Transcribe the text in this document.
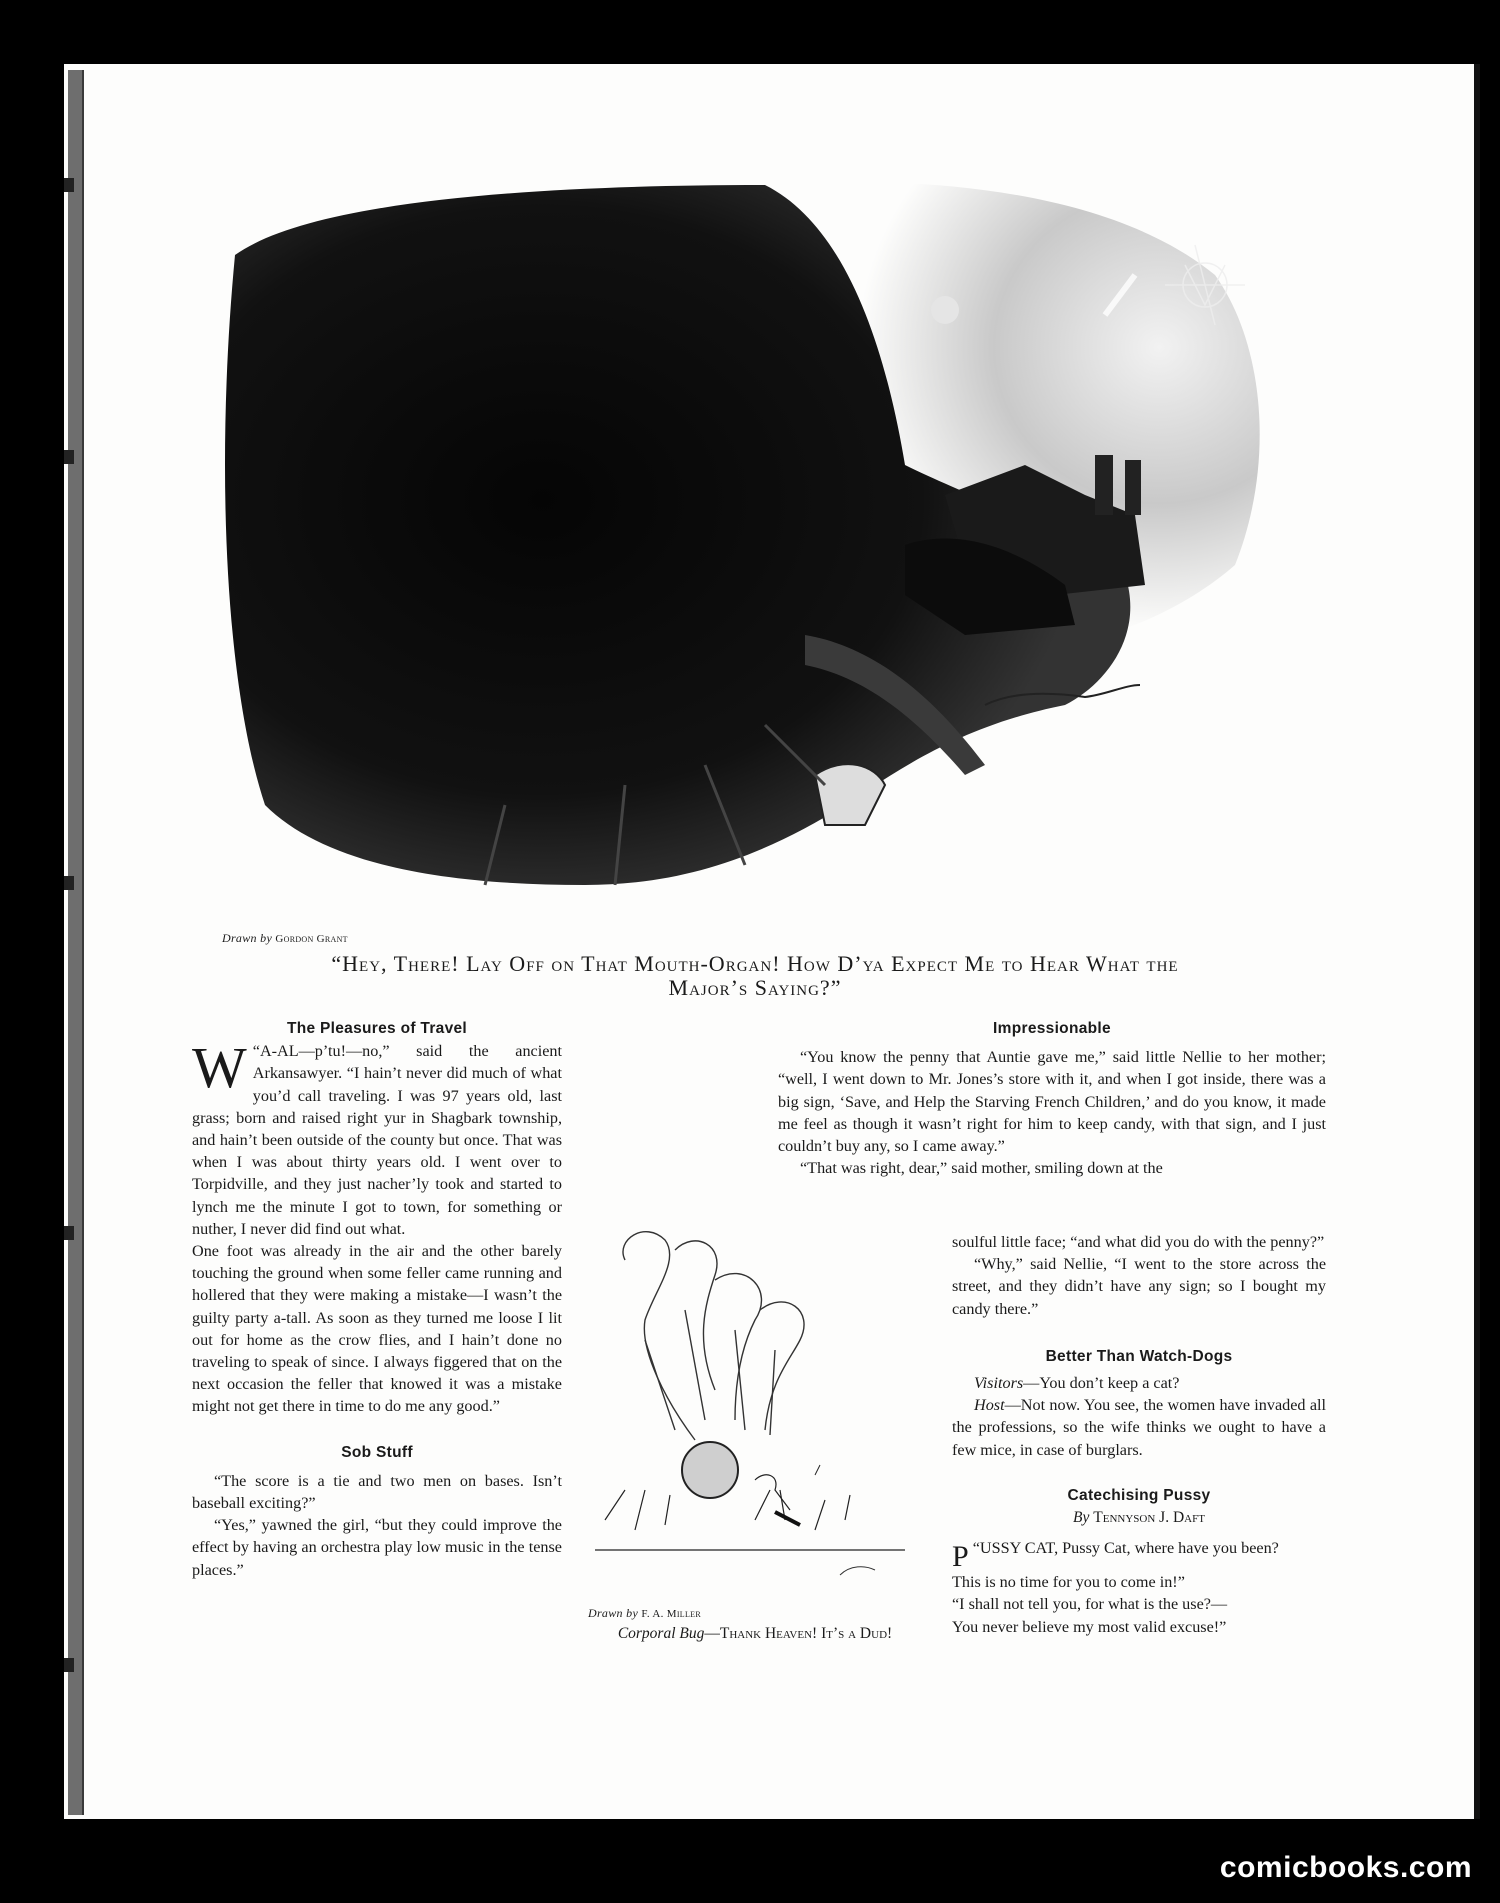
Drawn by Gordon Grant
“Hey, There! Lay Off on That Mouth-Organ! How D’ya Expect Me to Hear What the Major’s Saying?”
The Pleasures of Travel

“
W A-AL—p’tu!—no,” said the ancient Arkansawyer. “I hain’t never did much of what you’d call traveling. I was 97 years old, last grass; born and raised right yur in Shagbark township, and hain’t been outside of the county but once. That was when I was about thirty years old. I went over to Torpidville, and they just nacher’ly took and started to lynch me the minute I got to town, for something or nuther, I never did find out what.

One foot was already in the air and the other barely touching the ground when some feller came running and hollered that they were making a mistake—I wasn’t the guilty party a-tall. As soon as they turned me loose I lit out for home as the crow flies, and I hain’t done no traveling to speak of since. I always figgered that on the next occasion the feller that knowed it was a mistake might not get there in time to do me any good.”

Sob Stuff

“The score is a tie and two men on bases. Isn’t baseball exciting?”

“Yes,” yawned the girl, “but they could improve the effect by having an orchestra play low music in the tense places.”

Drawn by F. A. Miller
Corporal Bug—Thank Heaven! It’s a Dud!
Impressionable

“You know the penny that Auntie gave me,” said little Nellie to her mother; “well, I went down to Mr. Jones’s store with it, and when I got inside, there was a big sign, ‘Save, and Help the Starving French Children,’ and do you know, it made me feel as though it wasn’t right for him to keep candy, with that sign, and I just couldn’t buy any, so I came away.”

“That was right, dear,” said mother, smiling down at the

soulful little face; “and what did you do with the penny?”

“Why,” said Nellie, “I went to the store across the street, and they didn’t have any sign; so I bought my candy there.”

Better Than Watch-Dogs

Visitors—You don’t keep a cat?

Host—Not now. You see, the women have invaded all the professions, so the wife thinks we ought to have a few mice, in case of burglars.

Catechising Pussy
By Tennyson J. Daft

“
P USSY CAT, Pussy Cat, where have you been?

This is no time for you to come in!”

“I shall not tell you, for what is the use?—

You never believe my most valid excuse!”

comicbooks.com
